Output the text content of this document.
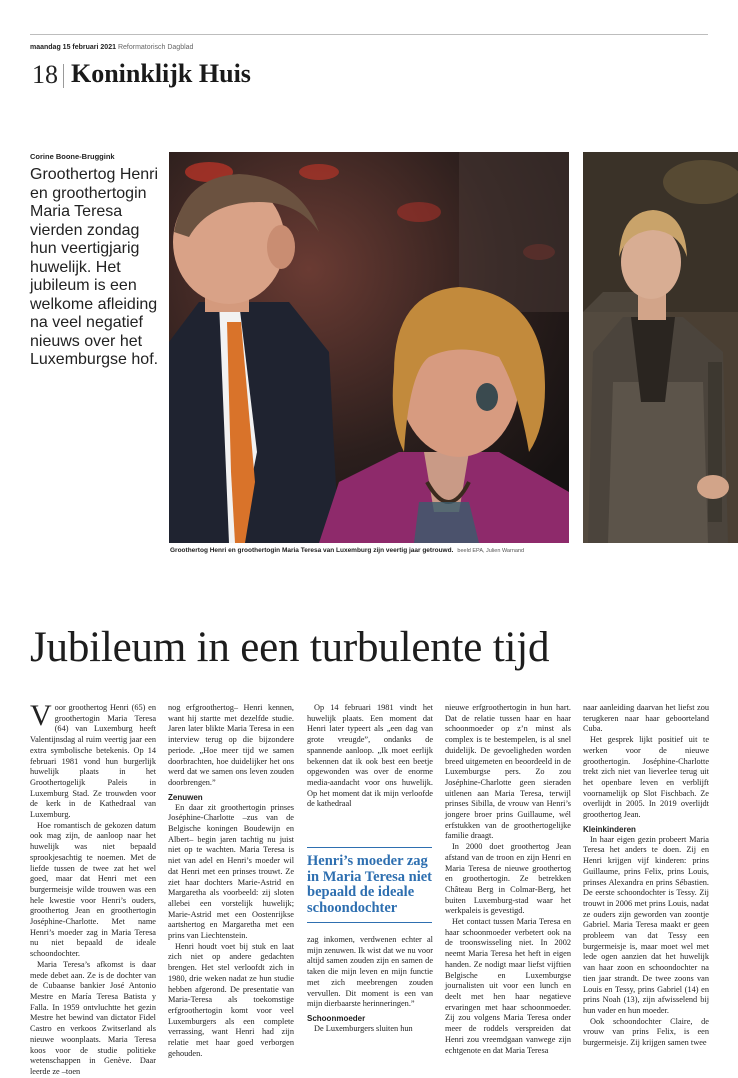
maandag 15 februari 2021 Reformatorisch Dagblad
18 Koninklijk Huis
Corine Boone-Bruggink
Groothertog Henri en groothertogin Maria Teresa vierden zondag hun veertigjarig huwelijk. Het jubileum is een welkome afleiding na veel negatief nieuws over het Luxemburgse hof.
Groothertog Henri en groothertogin Maria Teresa van Luxemburg zijn veertig jaar getrouwd. beeld EPA, Julien Warnand
Jubileum in een turbulente tijd

Voor groothertog Henri (65) en groothertogin Maria Teresa (64) van Luxemburg heeft Valentijnsdag al ruim veertig jaar een extra symbolische betekenis. Op 14 februari 1981 vond hun burgerlijk huwelijk plaats in het Groothertogelijk Paleis in Luxemburg Stad. Ze trouwden voor de kerk in de Kathedraal van Luxemburg.

Hoe romantisch de gekozen datum ook mag zijn, de aanloop naar het huwelijk was niet bepaald sprookjesachtig te noemen. Met de liefde tussen de twee zat het wel goed, maar dat Henri met een burgermeisje wilde trouwen was een hele kwestie voor Henri’s ouders, groothertog Jean en groothertogin Joséphine-Charlotte. Met name Henri’s moeder zag in Maria Teresa nu niet bepaald de ideale schoondochter.

Maria Teresa’s afkomst is daar mede debet aan. Ze is de dochter van de Cubaanse bankier José Antonio Mestre en María Teresa Batista y Falla. In 1959 ontvluchtte het gezin Mestre het bewind van dictator Fidel Castro en verkoos Zwitserland als nieuwe woonplaats. Maria Teresa koos voor de studie politieke wetenschappen in Genève. Daar leerde ze –toen

nog erfgroothertog– Henri kennen, want hij startte met dezelfde studie. Jaren later blikte Maria Teresa in een interview terug op die bijzondere periode. „Hoe meer tijd we samen doorbrachten, hoe duidelijker het ons werd dat we samen ons leven zouden doorbrengen.”

Zenuwen

En daar zit groothertogin prinses Joséphine-Charlotte –zus van de Belgische koningen Boudewijn en Albert– begin jaren tachtig nu juist niet op te wachten. Maria Teresa is niet van adel en Henri’s moeder wil dat Henri met een prinses trouwt. Ze ziet haar dochters Marie-Astrid en Margaretha als voorbeeld: zij sloten allebei een vorstelijk huwelijk; Marie-Astrid met een Oostenrijkse aartshertog en Margaretha met een prins van Liechtenstein.

Henri houdt voet bij stuk en laat zich niet op andere gedachten brengen. Het stel verloofdt zich in 1980, drie weken nadat ze hun studie hebben afgerond. De presentatie van Maria-Teresa als toekomstige erfgroothertogin komt voor veel Luxemburgers als een complete verrassing, want Henri had zijn relatie met haar goed verborgen gehouden.

Op 14 februari 1981 vindt het huwelijk plaats. Een moment dat Henri later typeert als „een dag van grote vreugde”, ondanks de spannende aanloop. „Ik moet eerlijk bekennen dat ik ook best een beetje opgewonden was over de enorme media-aandacht voor ons huwelijk. Op het moment dat ik mijn verloofde de kathedraal

Henri’s moeder zag in Maria Teresa niet bepaald de ideale schoondochter

zag inkomen, verdwenen echter al mijn zenuwen. Ik wist dat we nu voor altijd samen zouden zijn en samen de taken die mijn leven en mijn functie met zich meebrengen zouden vervullen. Dit moment is een van mijn dierbaarste herinneringen.”

Schoonmoeder

De Luxemburgers sluiten hun

nieuwe erfgroothertogin in hun hart. Dat de relatie tussen haar en haar schoonmoeder op z’n minst als complex is te bestempelen, is al snel duidelijk. De gevoeligheden worden breed uitgemeten en beoordeeld in de Luxemburgse pers. Zo zou Joséphine-Charlotte geen sieraden uitlenen aan Maria Teresa, terwijl prinses Sibilla, de vrouw van Henri’s jongere broer prins Guillaume, wél erfstukken van de groothertogelijke familie draagt.

In 2000 doet groothertog Jean afstand van de troon en zijn Henri en Maria Teresa de nieuwe groothertog en groothertogin. Ze betrekken Château Berg in Colmar-Berg, het buiten Luxemburg-stad waar het werkpaleis is gevestigd.

Het contact tussen Maria Teresa en haar schoonmoeder verbetert ook na de troonswisseling niet. In 2002 neemt Maria Teresa het heft in eigen handen. Ze nodigt maar liefst vijftien Belgische en Luxemburgse journalisten uit voor een lunch en deelt met hen haar negatieve ervaringen met haar schoonmoeder. Zij zou volgens Maria Teresa onder meer de roddels verspreiden dat Henri zou vreemdgaan vanwege zijn echtgenote en dat Maria Teresa

naar aanleiding daarvan het liefst zou terugkeren naar haar geboorteland Cuba.

Het gesprek lijkt positief uit te werken voor de nieuwe groothertogin. Joséphine-Charlotte trekt zich niet van lieverlee terug uit het openbare leven en verblijft voornamelijk op Slot Fischbach. Ze overlijdt in 2005. In 2019 overlijdt groothertog Jean.

Kleinkinderen

In haar eigen gezin probeert Maria Teresa het anders te doen. Zij en Henri krijgen vijf kinderen: prins Guillaume, prins Felix, prins Louis, prinses Alexandra en prins Sébastien. De eerste schoondochter is Tessy. Zij trouwt in 2006 met prins Louis, nadat ze ouders zijn geworden van zoontje Gabriel. Maria Teresa maakt er geen probleem van dat Tessy een burgermeisje is, maar moet wel met lede ogen aanzien dat het huwelijk van haar zoon en schoondochter na tien jaar strandt. De twee zoons van Louis en Tessy, prins Gabriel (14) en prins Noah (13), zijn afwisselend bij hun vader en hun moeder.

Ook schoondochter Claire, de vrouw van prins Felix, is een burgermeisje. Zij krijgen samen twee
